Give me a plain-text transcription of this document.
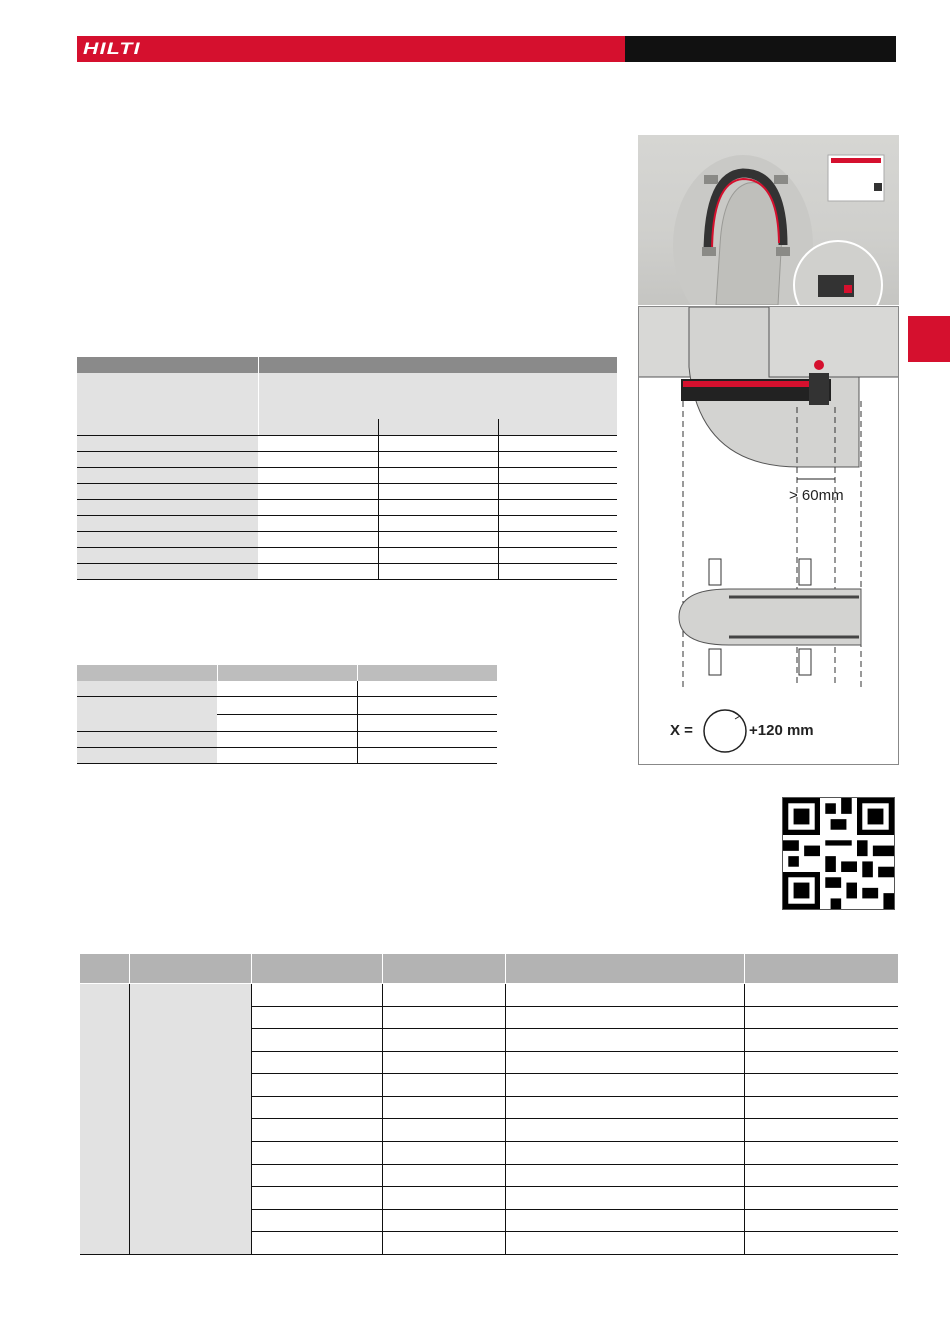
HILTI

> 60mm
X =	+120 mm
